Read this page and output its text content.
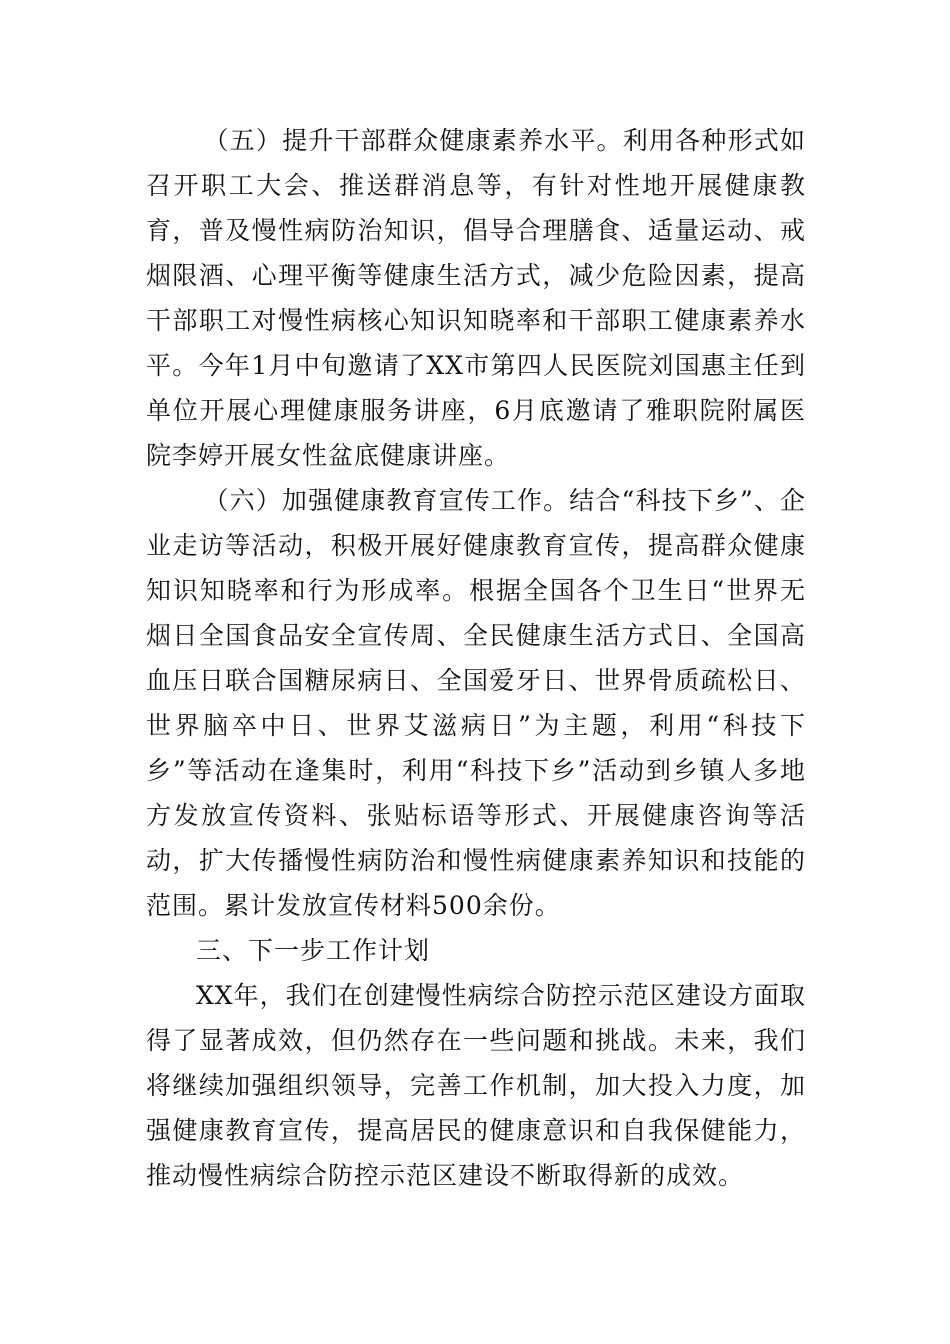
（五）提升干部群众健康素养水平。利用各种形式如召开职工大会、推送群消息等，有针对性地开展健康教育，普及慢性病防治知识，倡导合理膳食、适量运动、戒烟限酒、心理平衡等健康生活方式，减少危险因素，提高干部职工对慢性病核心知识知晓率和干部职工健康素养水平。今年1月中旬邀请了XX市第四人民医院刘国惠主任到单位开展心理健康服务讲座，6月底邀请了雅职院附属医院李婷开展女性盆底健康讲座。

（六）加强健康教育宣传工作。结合“科技下乡”、企业走访等活动，积极开展好健康教育宣传，提高群众健康知识知晓率和行为形成率。根据全国各个卫生日“世界无烟日全国食品安全宣传周、全民健康生活方式日、全国高血压日联合国糖尿病日、全国爱牙日、世界骨质疏松日、世界脑卒中日、世界艾滋病日”为主题，利用“科技下乡”等活动在逢集时，利用“科技下乡”活动到乡镇人多地方发放宣传资料、张贴标语等形式、开展健康咨询等活动，扩大传播慢性病防治和慢性病健康素养知识和技能的范围。累计发放宣传材料500余份。

三、下一步工作计划

XX年，我们在创建慢性病综合防控示范区建设方面取得了显著成效，但仍然存在一些问题和挑战。未来，我们将继续加强组织领导，完善工作机制，加大投入力度，加强健康教育宣传，提高居民的健康意识和自我保健能力，推动慢性病综合防控示范区建设不断取得新的成效。
